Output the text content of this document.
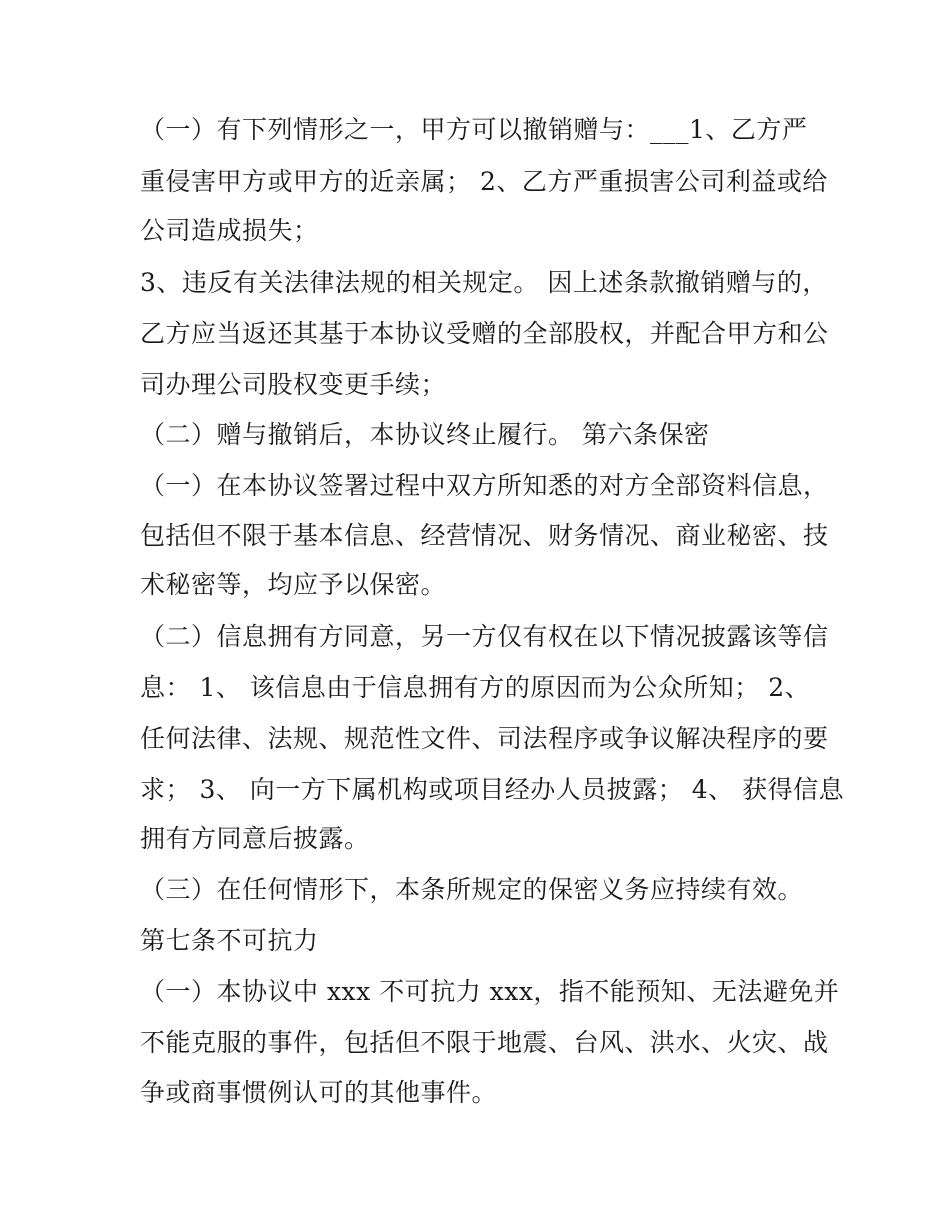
（一）有下列情形之一，甲方可以撤销赠与：___1、乙方严
重侵害甲方或甲方的近亲属； 2、乙方严重损害公司利益或给
公司造成损失；
3、违反有关法律法规的相关规定。 因上述条款撤销赠与的，
乙方应当返还其基于本协议受赠的全部股权，并配合甲方和公
司办理公司股权变更手续；
（二）赠与撤销后，本协议终止履行。 第六条保密
（一）在本协议签署过程中双方所知悉的对方全部资料信息，
包括但不限于基本信息、经营情况、财务情况、商业秘密、技
术秘密等，均应予以保密。
（二）信息拥有方同意，另一方仅有权在以下情况披露该等信
息： 1、 该信息由于信息拥有方的原因而为公众所知； 2、
任何法律、法规、规范性文件、司法程序或争议解决程序的要
求； 3、 向一方下属机构或项目经办人员披露； 4、 获得信息
拥有方同意后披露。
（三）在任何情形下，本条所规定的保密义务应持续有效。
第七条不可抗力
（一）本协议中 xxx 不可抗力 xxx，指不能预知、无法避免并
不能克服的事件，包括但不限于地震、台风、洪水、火灾、战
争或商事惯例认可的其他事件。
